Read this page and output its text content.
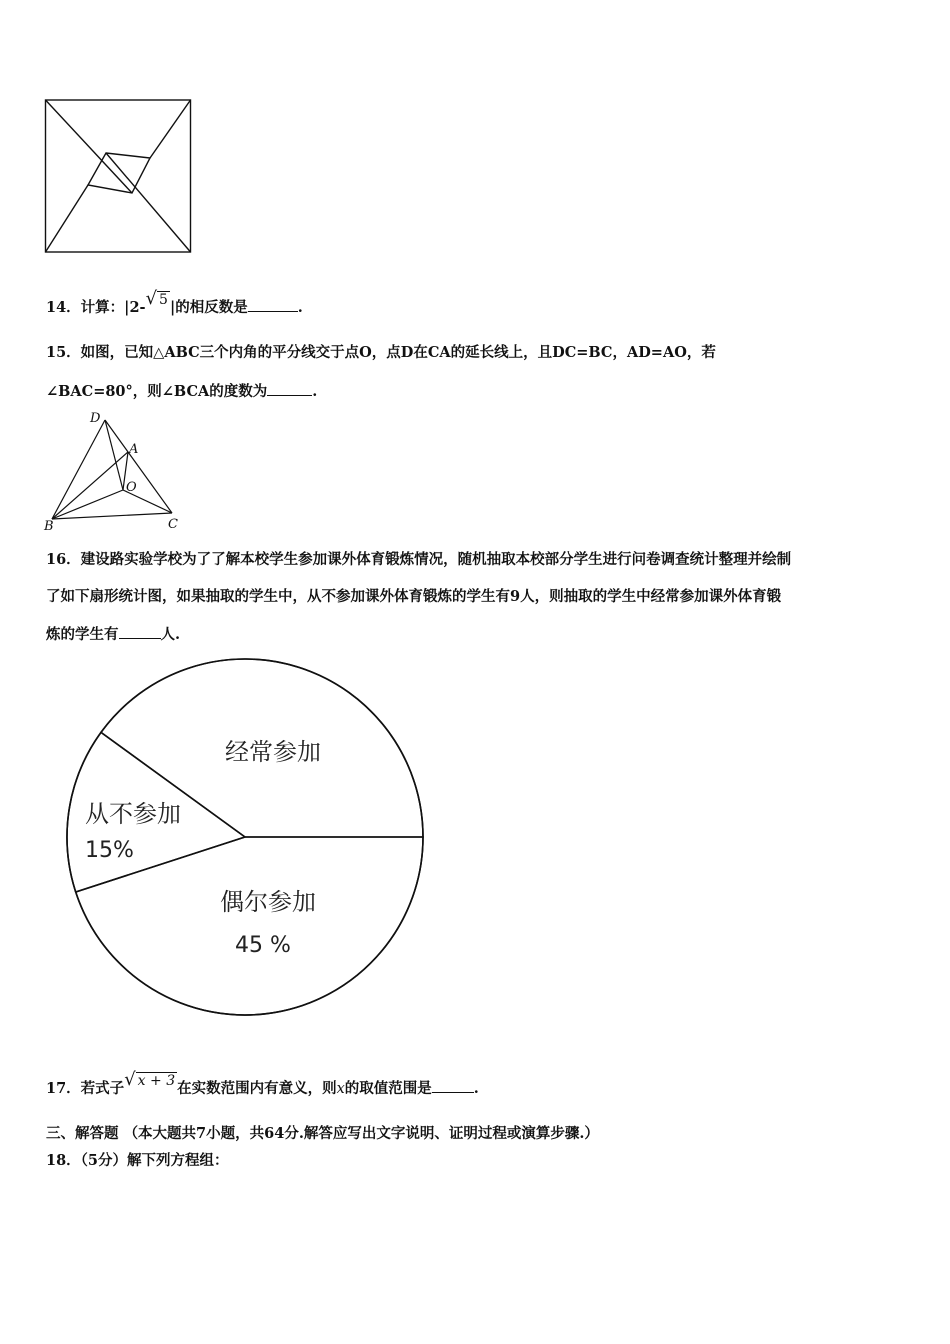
14．计算：|2-√ 5 |的相反数是	.
15．如图，已知△ABC三个内角的平分线交于点O，点D在CA的延长线上，且DC=BC，AD=AO，若
∠BAC=80°，则∠BCA的度数为	.
D
A
O
B	C
16．建设路实验学校为了了解本校学生参加课外体育锻炼情况，随机抽取本校部分学生进行问卷调查统计整理并绘制
了如下扇形统计图，如果抽取的学生中，从不参加课外体育锻炼的学生有9人，则抽取的学生中经常参加课外体育锻
炼的学生有	人.
经常参加
从不参加
15%
偶尔参加
45 %
17．若式子√ x + 3 在实数范围内有意义，则x的取值范围是	.
三、解答题 （本大题共7小题，共64分.解答应写出文字说明、证明过程或演算步骤.）
18．（5分）解下列方程组：
